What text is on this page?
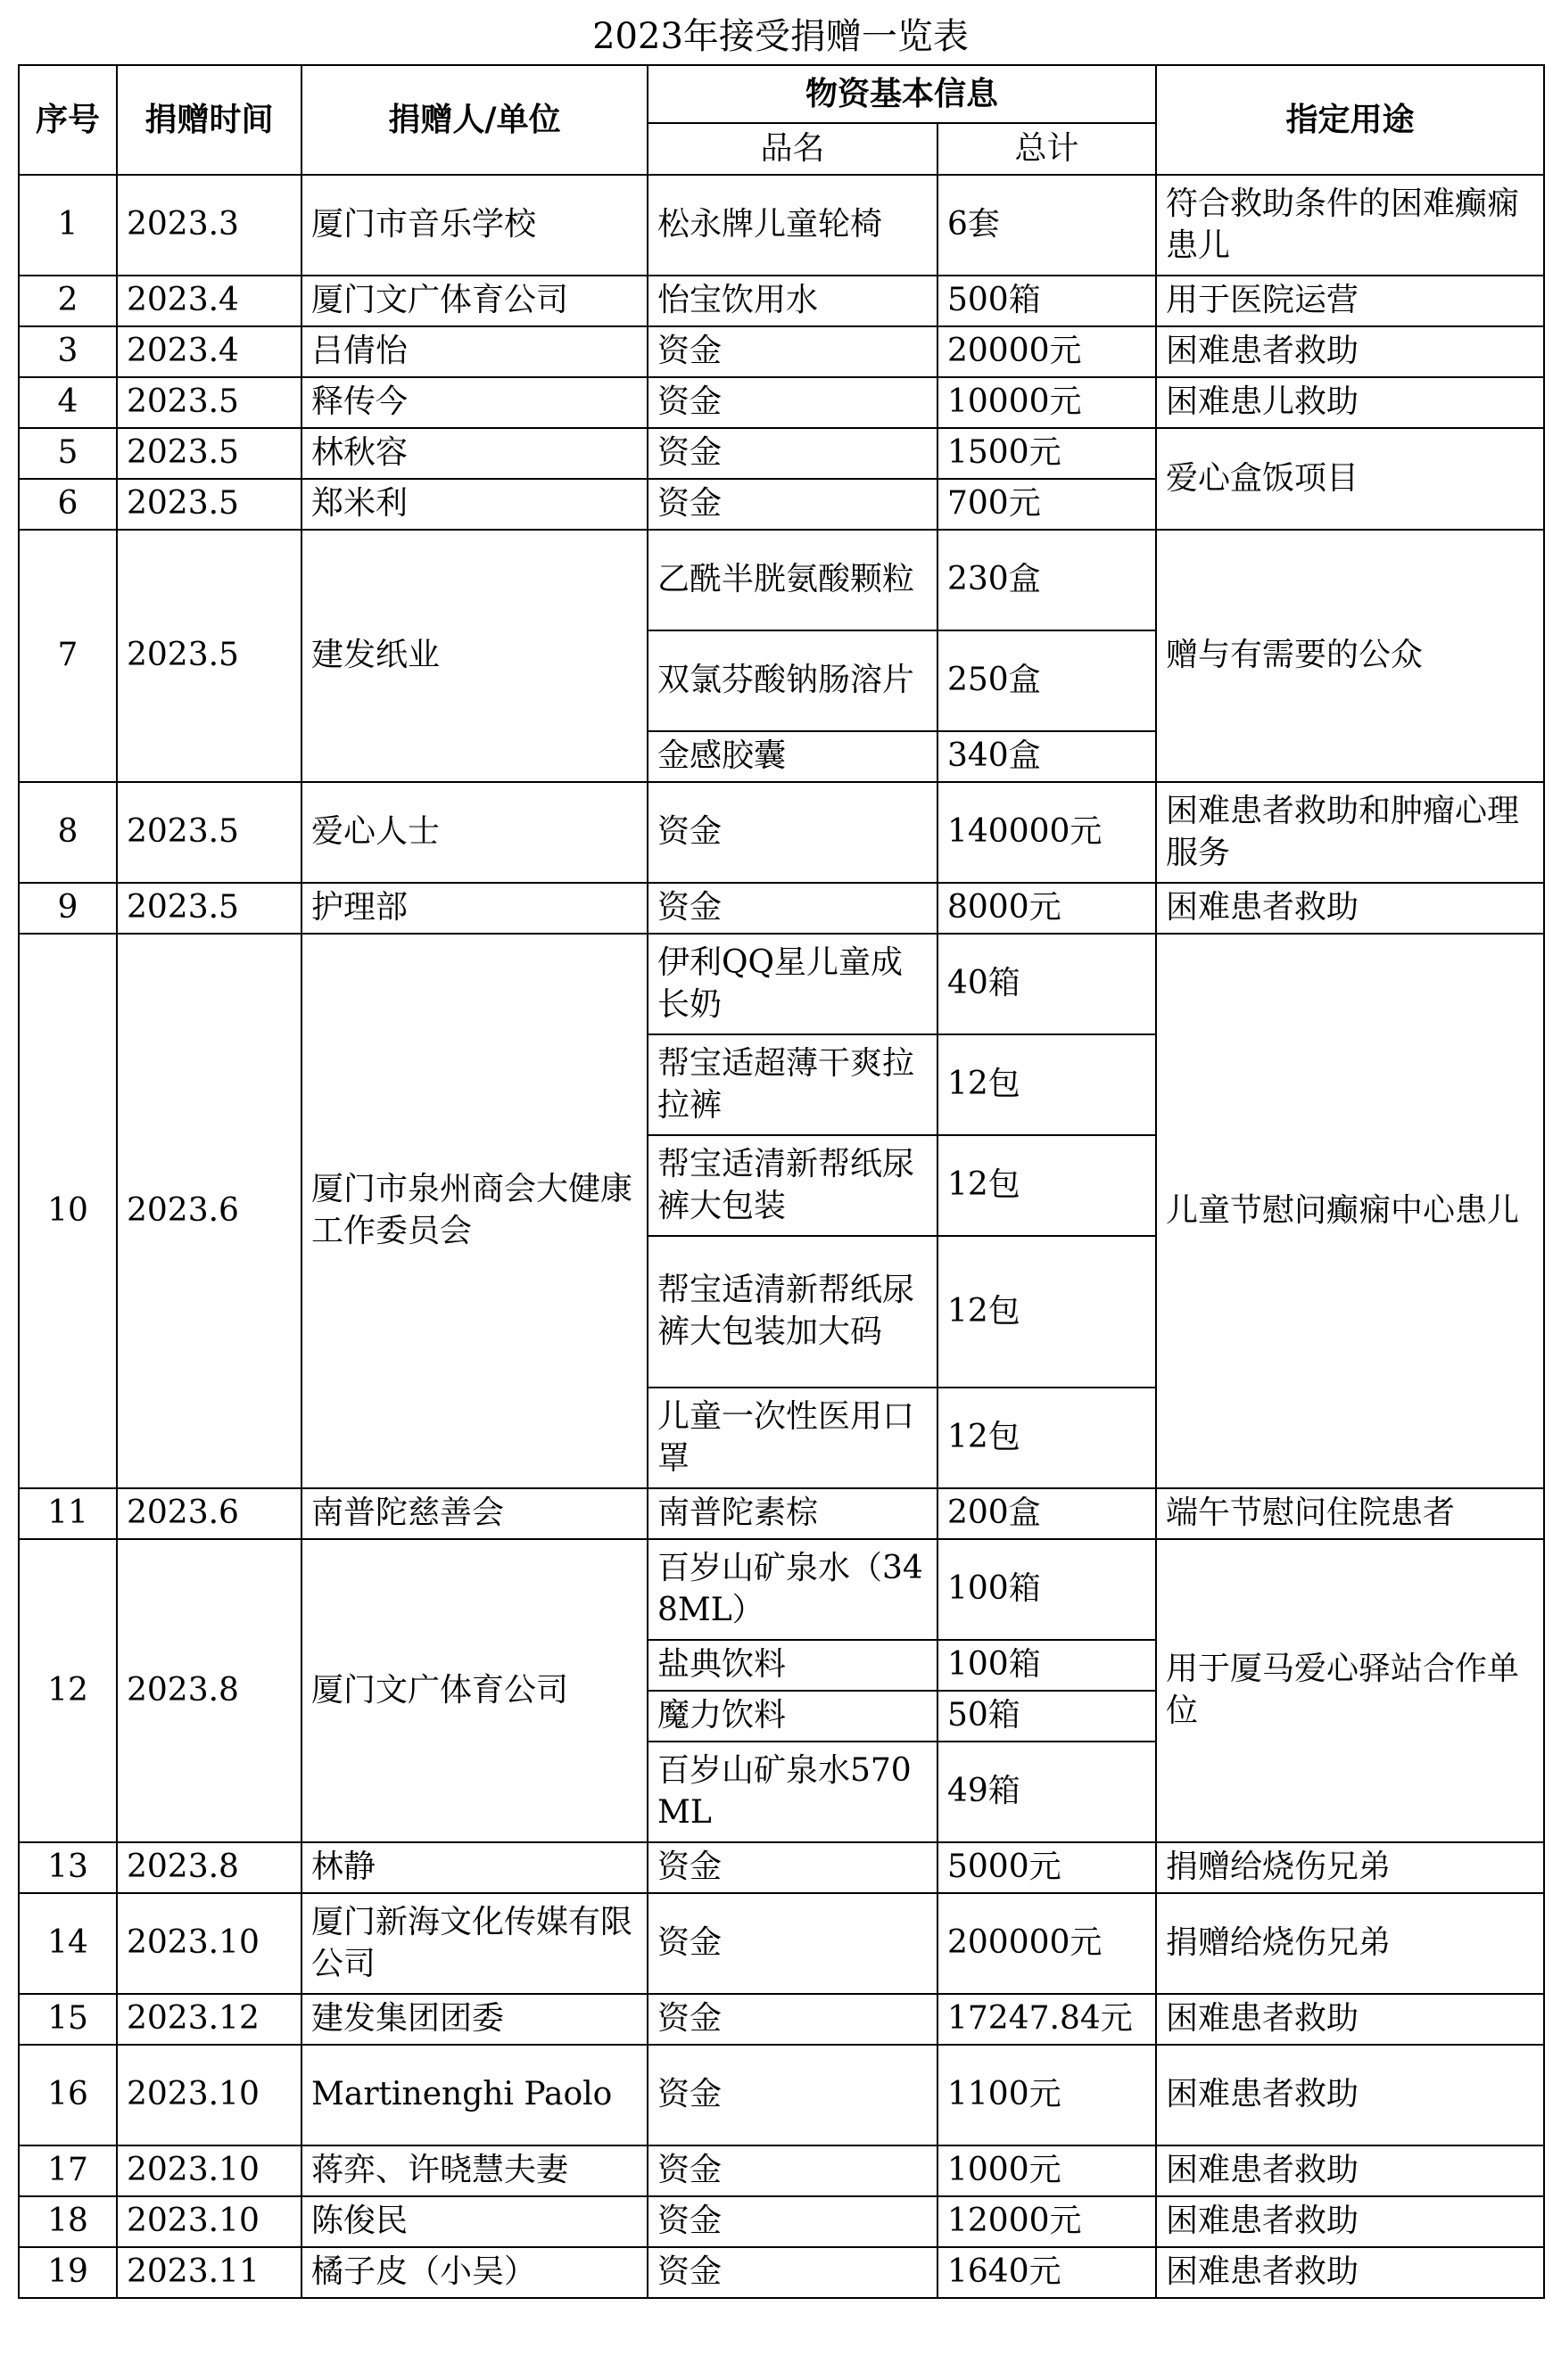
2023年接受捐赠一览表
序号	捐赠时间	捐赠人/单位	物资基本信息		指定用途
			品名	总计	
1	2023.3	厦门市音乐学校	松永牌儿童轮椅	6套	符合救助条件的困难癫痫患儿
2	2023.4	厦门文广体育公司	怡宝饮用水	500箱	用于医院运营
3	2023.4	吕倩怡	资金	20000元	困难患者救助
4	2023.5	释传今	资金	10000元	困难患儿救助
5	2023.5	林秋容	资金	1500元	爱心盒饭项目
6	2023.5	郑米利	资金	700元	
7	2023.5	建发纸业	乙酰半胱氨酸颗粒	230盒	赠与有需要的公众
			双氯芬酸钠肠溶片	250盒	
			金感胶囊	340盒	
8	2023.5	爱心人士	资金	140000元	困难患者救助和肿瘤心理服务
9	2023.5	护理部	资金	8000元	困难患者救助
10	2023.6	厦门市泉州商会大健康工作委员会	伊利QQ星儿童成长奶	40箱	儿童节慰问癫痫中心患儿
			帮宝适超薄干爽拉拉裤	12包	
			帮宝适清新帮纸尿裤大包装	12包	
			帮宝适清新帮纸尿裤大包装加大码	12包	
			儿童一次性医用口罩	12包	
11	2023.6	南普陀慈善会	南普陀素棕	200盒	端午节慰问住院患者
12	2023.8	厦门文广体育公司	百岁山矿泉水（348ML）	100箱	用于厦马爱心驿站合作单位
			盐典饮料	100箱	
			魔力饮料	50箱	
			百岁山矿泉水570ML	49箱	
13	2023.8	林静	资金	5000元	捐赠给烧伤兄弟
14	2023.10	厦门新海文化传媒有限公司	资金	200000元	捐赠给烧伤兄弟
15	2023.12	建发集团团委	资金	17247.84元	困难患者救助
16	2023.10	Martinenghi Paolo	资金	1100元	困难患者救助
17	2023.10	蒋弈、许晓慧夫妻	资金	1000元	困难患者救助
18	2023.10	陈俊民	资金	12000元	困难患者救助
19	2023.11	橘子皮（小吴）	资金	1640元	困难患者救助
